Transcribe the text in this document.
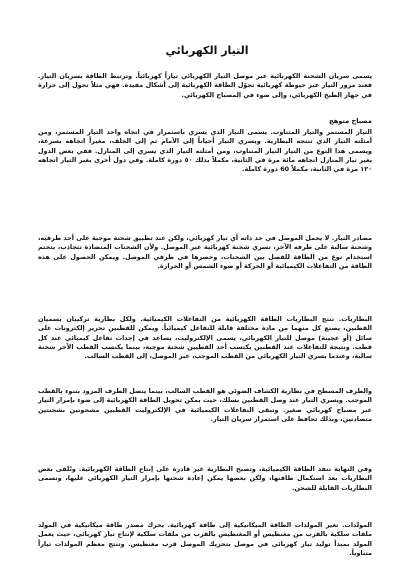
التيار الكهربائي
يسمى سريان الشحنة الكهربائية عبر موصل التيار الكهربائي تياراً كهربائياً. وترتبط الطاقة بسريان التيار. فعند مرور التيار عبر خيوطة كهربائية تحوّل الطاقة الكهربائية إلى أشكال مفيدة. فهي مثلاً تحول إلى حرارة في جهاز الطبخ الكهربائي، وإلى ضوء في المصباح الكهربائي.
مصباح متوهج
التيار المستمر والتيار المتناوب. يسمى التيار الذي يسري باستمرار في اتجاه واحد التيار المستمر، ومن أمثلته التيار الذي تنتجه البطارية. ويسري التيار أحياناً إلى الأمام ثم إلى الخلف، مغيراً اتجاهه بسرعة، ويسمى هذا النوع من التيار التيار المتناوب، ومن أمثلته التيار الذي يسري إلى المنازل. ففي بعض الدول يغير تيار المنازل اتجاهه مائة مرة في الثانية، مكملاً بذلك ٥٠ دورة كاملة. وفي دول أخرى يغير التيار اتجاهه ١٢٠ مرة في الثانية، مكملاً 60 دورة كاملة.
مصادر التيار. لا يحمل الموصل في حد ذاته أي تيار كهربائي، ولكن عند تطبيق شحنة موجبة على أحد طرفيه، وشحنة سالبة على طرفه الآخر، تسري شحنة كهربائية عبر الموصل. ولأن الشحنات المتضادة تتجاذب، يتحتم استخدام نوع من الطاقة للفصل بين الشحنات، وحصرها في طرفي الموصل. ويمكن الحصول على هذه الطاقة من التفاعلات الكيميائية أو الحركة أو ضوء الشمس أو الحرارة.
البطاريات. تنتج البطاريات الطاقة الكهربائية من التفاعلات الكيميائية. ولكل بطارية تركيبان يسميان القطبين، يصنع كل منهما من مادة مختلفة قابلة للتفاعل كيميائياً. ويمكن للقطبين تحرير إلكترونات على سائل (أو عجينة) موصل للتيار الكهربائي، يسمى الإلكتروليت، يساعد في إحداث تفاعل كيميائي عند كل قطب. ونتيجة للتفاعلات عند القطبين يكتسب أحد القطبين شحنة موجبة، بينما يكتسب القطب الآخر شحنة سالبة، وعندما يسري التيار الكهربائي من القطب الموجب، عبر الموصل، إلى القطب السالب.
والطرف المسطح في بطارية الكشاف الضوئي هو القطب السالب، بينما يتصل الطرف المزود بنتوء بالقطب الموجب. ويسري التيار عند وصل القطبين بسلك، حيث يمكن تحويل الطاقة الكهربائية إلى ضوء بإمرار التيار عبر مصباح كهربائي صغير. وتبقى التفاعلات الكيميائية في الإلكتروليت القطبين مشحونين بشحنتين متضادتين، وبذلك تحافظ على استمرار سريان التيار.
وفي النهاية تنفد الطاقة الكيميائية، وتصبح البطارية غير قادرة على إنتاج الطاقة الكهربائية. وتُلقى بعض البطاريات بعد استكمال طاقتها، ولكن بعضها يمكن إعادة شحنها بإمرار التيار الكهربائي عليها، وتسمى البطاريات القابلة للشحن.
المولدات. تغير المولدات الطاقة الميكانيكية إلى طاقة كهربائية. يحرك مصدر طاقة ميكانيكية في المولد ملفات سلكية بالقرب من مغنطيس أو المغنطيس بالقرب من ملفات سلكية لإنتاج تيار كهربائي، حيث يعمل المولد بمبدأ توليد تيار كهربائي في موصل بتحريك الموصل قرب مغنطيس. وتنتج معظم المولدات تياراً متناوباً.
